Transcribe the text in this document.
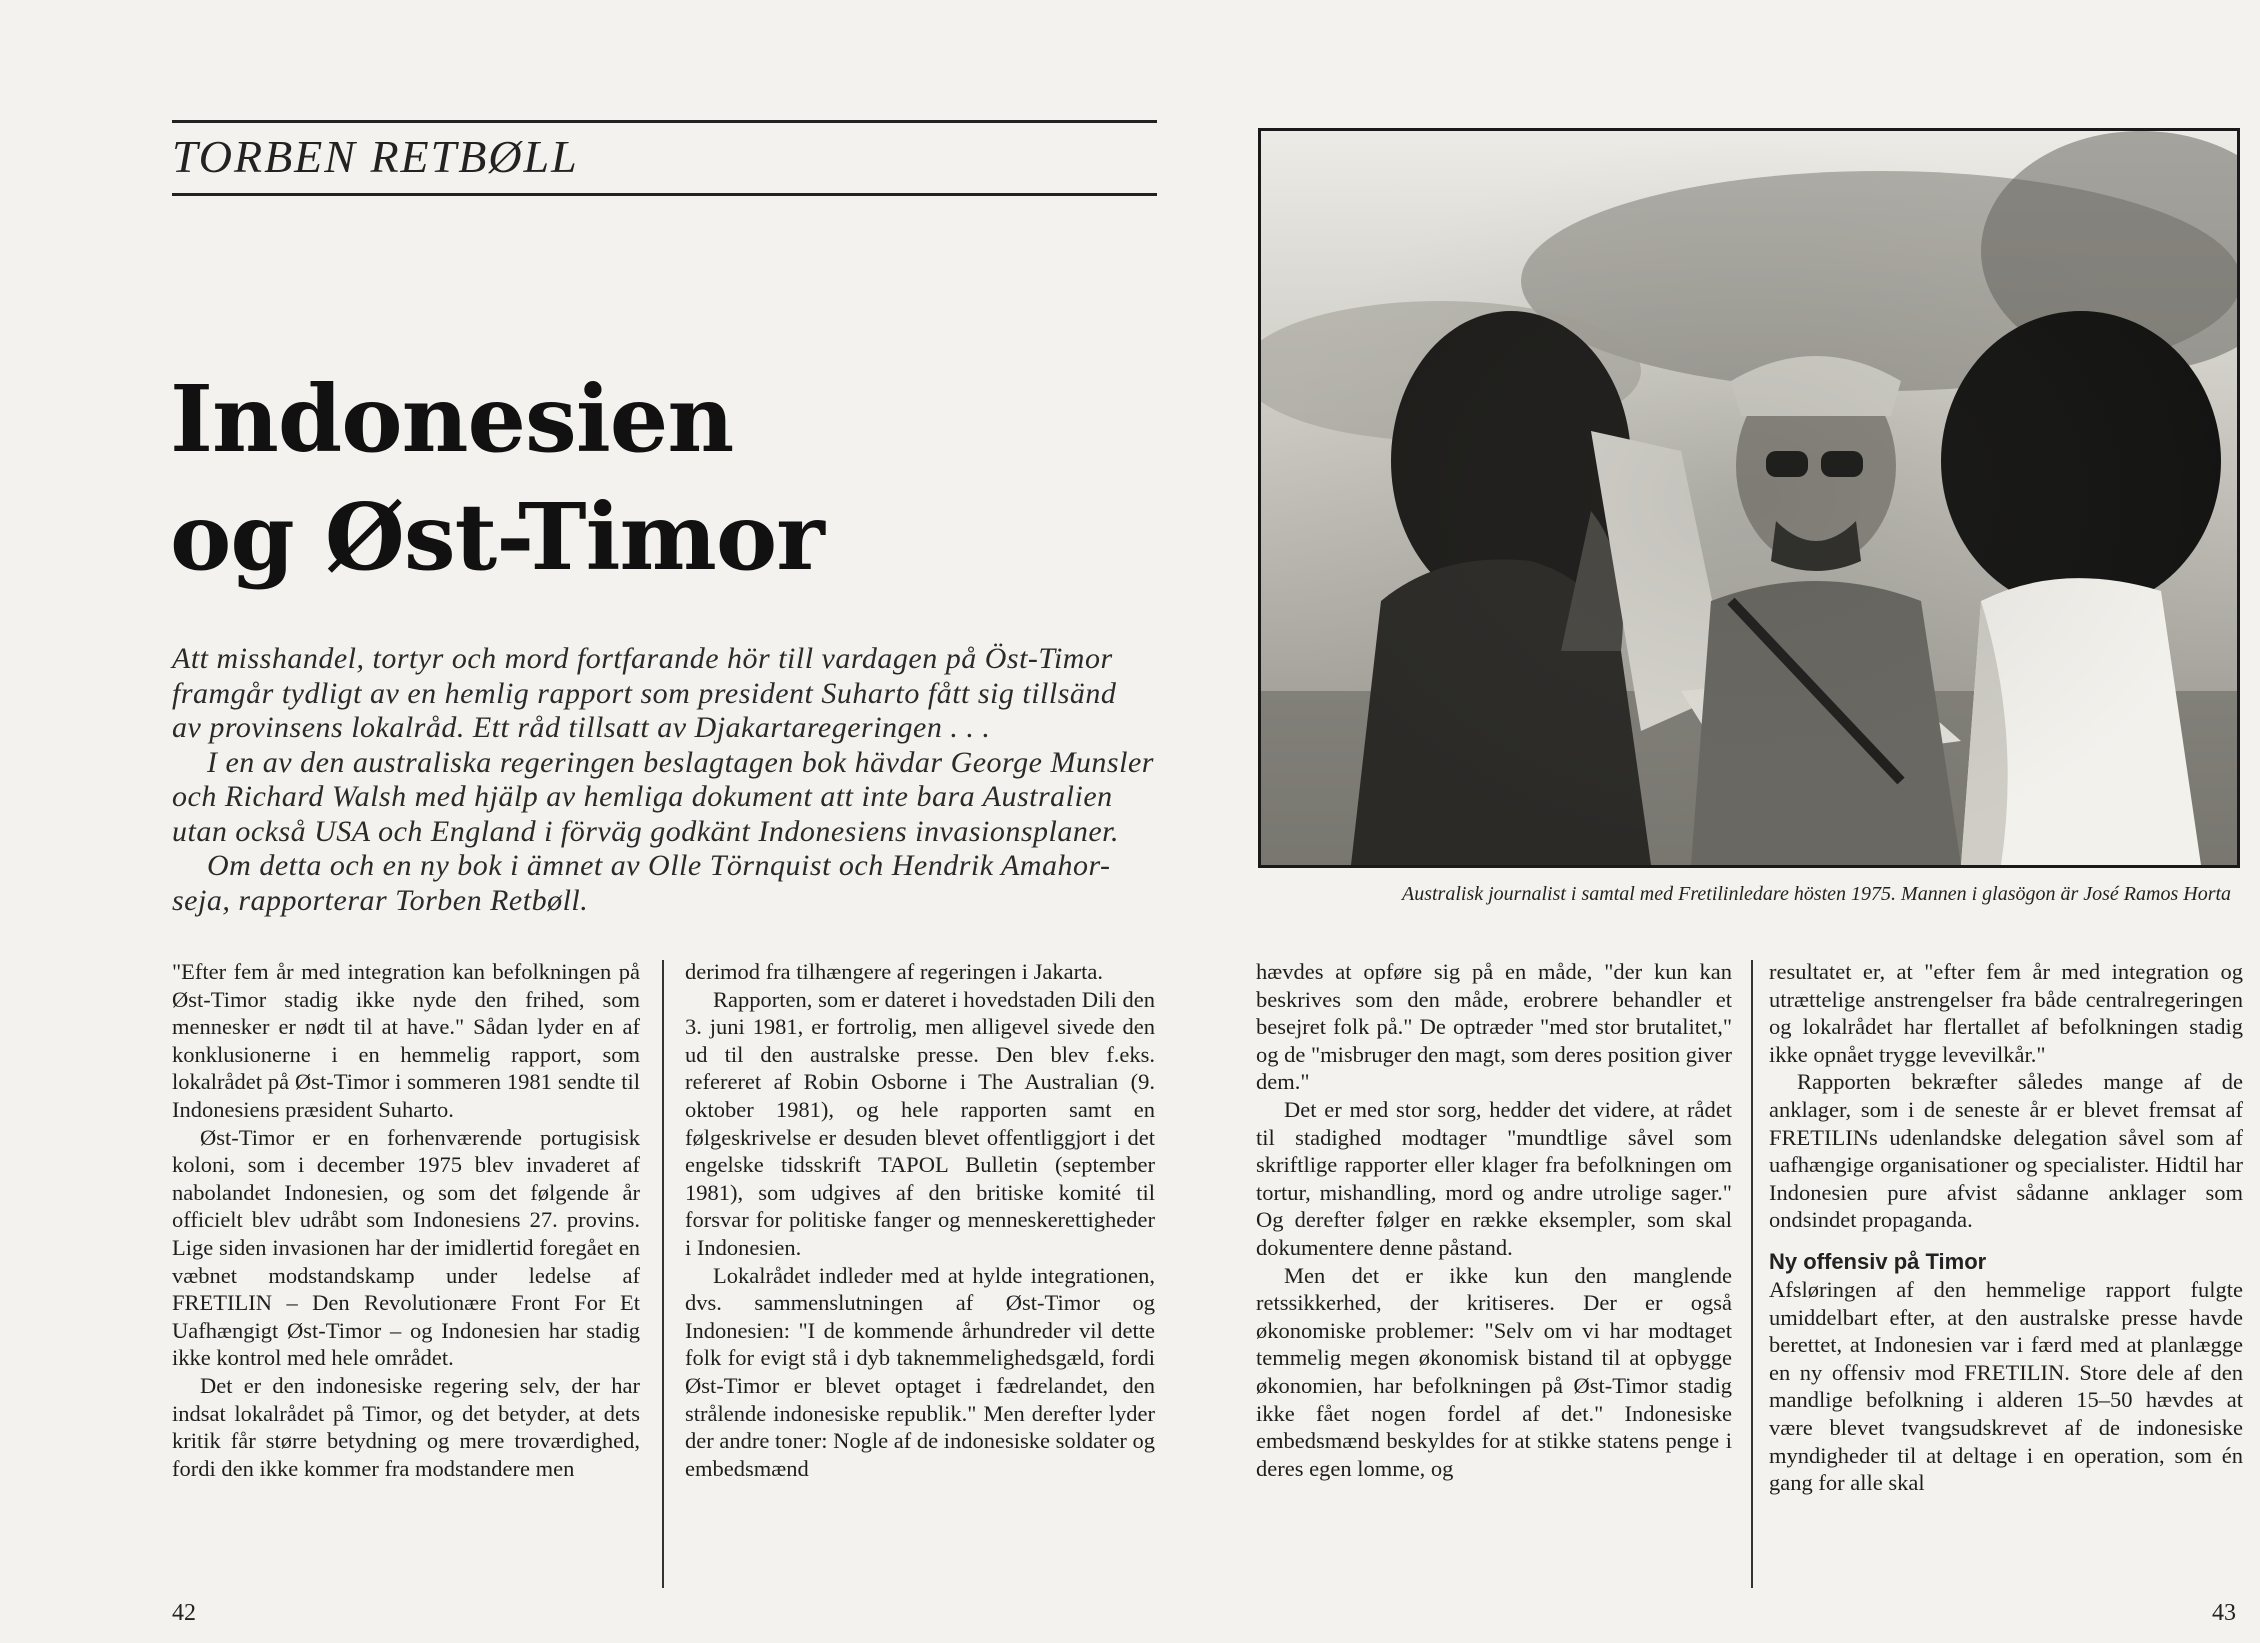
TORBEN RETBØLL
Indonesien
og Øst-Timor

Att misshandel, tortyr och mord fortfarande hör till vardagen på Öst-Timor

framgår tydligt av en hemlig rapport som president Suharto fått sig tillsänd

av provinsens lokalråd. Ett råd tillsatt av Djakartaregeringen . . .

I en av den australiska regeringen beslagtagen bok hävdar George Munsler

och Richard Walsh med hjälp av hemliga dokument att inte bara Australien

utan också USA och England i förväg godkänt Indonesiens invasionsplaner.

Om detta och en ny bok i ämnet av Olle Törnquist och Hendrik Amahor-

seja, rapporterar Torben Retbøll.

"Efter fem år med integration kan befolkningen på Øst-Timor stadig ikke nyde den frihed, som mennesker er nødt til at have." Sådan lyder en af konklusionerne i en hemmelig rapport, som lokalrådet på Øst-Timor i sommeren 1981 sendte til Indonesiens præsident Suharto.

Øst-Timor er en forhenværende portugisisk koloni, som i december 1975 blev invaderet af nabolandet Indonesien, og som det følgende år officielt blev udråbt som Indonesiens 27. provins. Lige siden invasionen har der imidlertid foregået en væbnet modstandskamp under ledelse af FRETILIN – Den Revolutionære Front For Et Uafhængigt Øst-Timor – og Indonesien har stadig ikke kontrol med hele området.

Det er den indonesiske regering selv, der har indsat lokalrådet på Timor, og det betyder, at dets kritik får større betydning og mere troværdighed, fordi den ikke kommer fra modstandere men

derimod fra tilhængere af regeringen i Jakarta.

Rapporten, som er dateret i hovedstaden Dili den 3. juni 1981, er fortrolig, men alligevel sivede den ud til den australske presse. Den blev f.eks. refereret af Robin Osborne i The Australian (9. oktober 1981), og hele rapporten samt en følgeskrivelse er desuden blevet offentliggjort i det engelske tidsskrift TAPOL Bulletin (september 1981), som udgives af den britiske komité til forsvar for politiske fanger og menneskerettigheder i Indonesien.

Lokalrådet indleder med at hylde integrationen, dvs. sammenslutningen af Øst-Timor og Indonesien: "I de kommende århundreder vil dette folk for evigt stå i dyb taknemmelighedsgæld, fordi Øst-Timor er blevet optaget i fædrelandet, den strålende indonesiske republik." Men derefter lyder der andre toner: Nogle af de indonesiske soldater og embedsmænd

42

Australisk journalist i samtal med Fretilinledare hösten 1975. Mannen i glasögon är José Ramos Horta

hævdes at opføre sig på en måde, "der kun kan beskrives som den måde, erobrere behandler et besejret folk på." De optræder "med stor brutalitet," og de "misbruger den magt, som deres position giver dem."

Det er med stor sorg, hedder det videre, at rådet til stadighed modtager "mundtlige såvel som skriftlige rapporter eller klager fra befolkningen om tortur, mishandling, mord og andre utrolige sager." Og derefter følger en række eksempler, som skal dokumentere denne påstand.

Men det er ikke kun den manglende retssikkerhed, der kritiseres. Der er også økonomiske problemer: "Selv om vi har modtaget temmelig megen økonomisk bistand til at opbygge økonomien, har befolkningen på Øst-Timor stadig ikke fået nogen fordel af det." Indonesiske embedsmænd beskyldes for at stikke statens penge i deres egen lomme, og

resultatet er, at "efter fem år med integration og utrættelige anstrengelser fra både centralregeringen og lokalrådet har flertallet af befolkningen stadig ikke opnået trygge levevilkår."

Rapporten bekræfter således mange af de anklager, som i de seneste år er blevet fremsat af FRETILINs udenlandske delegation såvel som af uafhængige organisationer og specialister. Hidtil har Indonesien pure afvist sådanne anklager som ondsindet propaganda.

Ny offensiv på Timor

Afsløringen af den hemmelige rapport fulgte umiddelbart efter, at den australske presse havde berettet, at Indonesien var i færd med at planlægge en ny offensiv mod FRETILIN. Store dele af den mandlige befolkning i alderen 15–50 hævdes at være blevet tvangsudskrevet af de indonesiske myndigheder til at deltage i en operation, som én gang for alle skal

43
